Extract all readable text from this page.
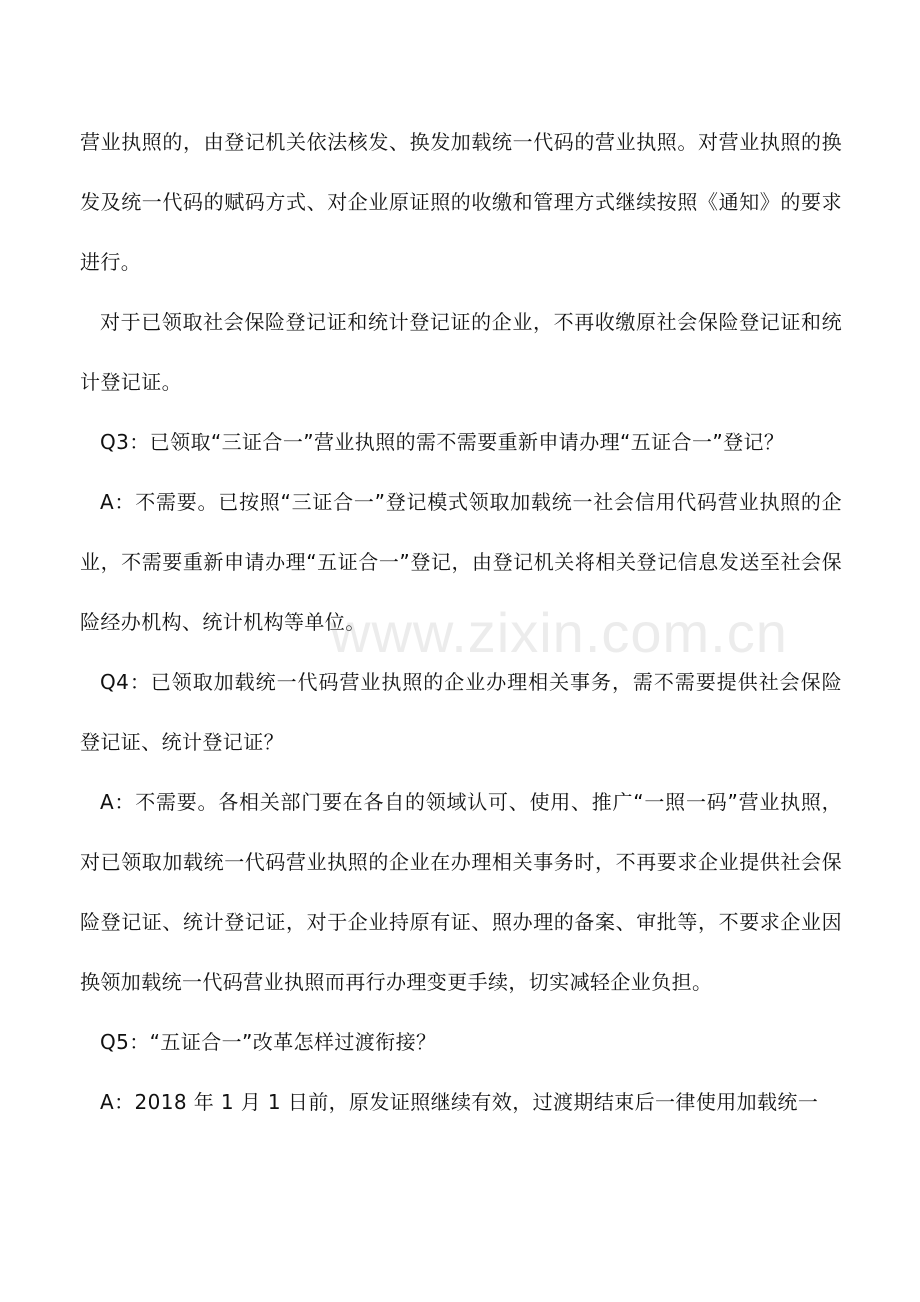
营业执照的，由登记机关依法核发、换发加载统一代码的营业执照。对营业执照的换发及统一代码的赋码方式、对企业原证照的收缴和管理方式继续按照《通知》的要求进行。

对于已领取社会保险登记证和统计登记证的企业，不再收缴原社会保险登记证和统计登记证。

Q3：已领取“三证合一”营业执照的需不需要重新申请办理“五证合一”登记？

A：不需要。已按照“三证合一”登记模式领取加载统一社会信用代码营业执照的企业，不需要重新申请办理“五证合一”登记，由登记机关将相关登记信息发送至社会保险经办机构、统计机构等单位。

Q4：已领取加载统一代码营业执照的企业办理相关事务，需不需要提供社会保险登记证、统计登记证？

A：不需要。各相关部门要在各自的领域认可、使用、推广“一照一码”营业执照，对已领取加载统一代码营业执照的企业在办理相关事务时，不再要求企业提供社会保险登记证、统计登记证，对于企业持原有证、照办理的备案、审批等，不要求企业因换领加载统一代码营业执照而再行办理变更手续，切实减轻企业负担。

Q5：“五证合一”改革怎样过渡衔接？

A：2018 年 1 月 1 日前，原发证照继续有效，过渡期结束后一律使用加载统一

www.zixin.com.cn
